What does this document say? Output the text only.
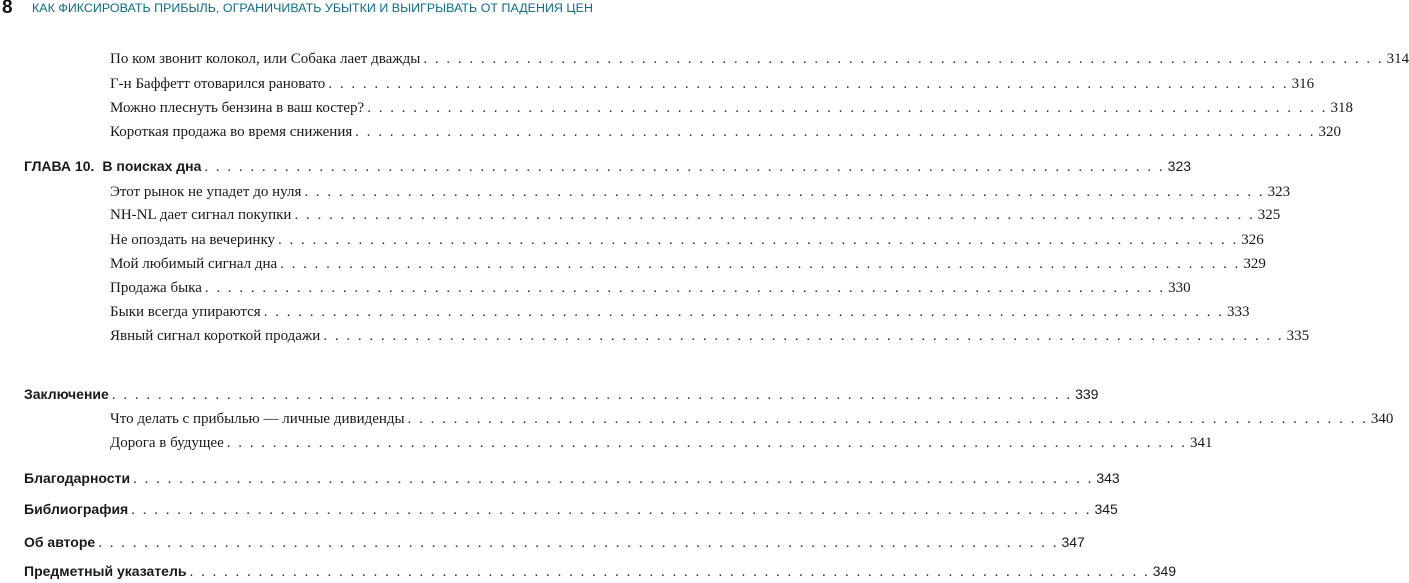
8 КАК ФИКСИРОВАТЬ ПРИБЫЛЬ, ОГРАНИЧИВАТЬ УБЫТКИ И ВЫИГРЫВАТЬ ОТ ПАДЕНИЯ ЦЕН
По ком звонит колокол, или Собака лает дважды . . . . . . . . . . . . . . . . . . . . . . . . . . . . . . . . . . . . . . . . . . . . . . . . . . . . . . . . . . . . . . . . . . . . . . . . . . . . . . . . . . . . 314
Г-н Баффетт отоварился рановато . . . . . . . . . . . . . . . . . . . . . . . . . . . . . . . . . . . . . . . . . . . . . . . . . . . . . . . . . . . . . . . . . . . . . . . . . . . . . . . . . . . . 316
Можно плеснуть бензина в ваш костер? . . . . . . . . . . . . . . . . . . . . . . . . . . . . . . . . . . . . . . . . . . . . . . . . . . . . . . . . . . . . . . . . . . . . . . . . . . . . . . . . . . . . 318
Короткая продажа во время снижения . . . . . . . . . . . . . . . . . . . . . . . . . . . . . . . . . . . . . . . . . . . . . . . . . . . . . . . . . . . . . . . . . . . . . . . . . . . . . . . . . . . . 320
ГЛАВА 10. В поисках дна . . . . . . . . . . . . . . . . . . . . . . . . . . . . . . . . . . . . . . . . . . . . . . . . . . . . . . . . . . . . . . . . . . . . . . . . . . . . . . . . . . . . 323
Этот рынок не упадет до нуля . . . . . . . . . . . . . . . . . . . . . . . . . . . . . . . . . . . . . . . . . . . . . . . . . . . . . . . . . . . . . . . . . . . . . . . . . . . . . . . . . . . . 323
NH-NL дает сигнал покупки . . . . . . . . . . . . . . . . . . . . . . . . . . . . . . . . . . . . . . . . . . . . . . . . . . . . . . . . . . . . . . . . . . . . . . . . . . . . . . . . . . . . 325
Не опоздать на вечеринку . . . . . . . . . . . . . . . . . . . . . . . . . . . . . . . . . . . . . . . . . . . . . . . . . . . . . . . . . . . . . . . . . . . . . . . . . . . . . . . . . . . . 326
Мой любимый сигнал дна . . . . . . . . . . . . . . . . . . . . . . . . . . . . . . . . . . . . . . . . . . . . . . . . . . . . . . . . . . . . . . . . . . . . . . . . . . . . . . . . . . . . 329
Продажа быка . . . . . . . . . . . . . . . . . . . . . . . . . . . . . . . . . . . . . . . . . . . . . . . . . . . . . . . . . . . . . . . . . . . . . . . . . . . . . . . . . . . . 330
Быки всегда упираются . . . . . . . . . . . . . . . . . . . . . . . . . . . . . . . . . . . . . . . . . . . . . . . . . . . . . . . . . . . . . . . . . . . . . . . . . . . . . . . . . . . . 333
Явный сигнал короткой продажи . . . . . . . . . . . . . . . . . . . . . . . . . . . . . . . . . . . . . . . . . . . . . . . . . . . . . . . . . . . . . . . . . . . . . . . . . . . . . . . . . . . . 335
Заключение . . . . . . . . . . . . . . . . . . . . . . . . . . . . . . . . . . . . . . . . . . . . . . . . . . . . . . . . . . . . . . . . . . . . . . . . . . . . . . . . . . . . 339
Что делать с прибылью — личные дивиденды . . . . . . . . . . . . . . . . . . . . . . . . . . . . . . . . . . . . . . . . . . . . . . . . . . . . . . . . . . . . . . . . . . . . . . . . . . . . . . . . . . . . 340
Дорога в будущее . . . . . . . . . . . . . . . . . . . . . . . . . . . . . . . . . . . . . . . . . . . . . . . . . . . . . . . . . . . . . . . . . . . . . . . . . . . . . . . . . . . . 341
Благодарности . . . . . . . . . . . . . . . . . . . . . . . . . . . . . . . . . . . . . . . . . . . . . . . . . . . . . . . . . . . . . . . . . . . . . . . . . . . . . . . . . . . . 343
Библиография . . . . . . . . . . . . . . . . . . . . . . . . . . . . . . . . . . . . . . . . . . . . . . . . . . . . . . . . . . . . . . . . . . . . . . . . . . . . . . . . . . . . 345
Об авторе . . . . . . . . . . . . . . . . . . . . . . . . . . . . . . . . . . . . . . . . . . . . . . . . . . . . . . . . . . . . . . . . . . . . . . . . . . . . . . . . . . . . 347
Предметный указатель . . . . . . . . . . . . . . . . . . . . . . . . . . . . . . . . . . . . . . . . . . . . . . . . . . . . . . . . . . . . . . . . . . . . . . . . . . . . . . . . . . . . 349
